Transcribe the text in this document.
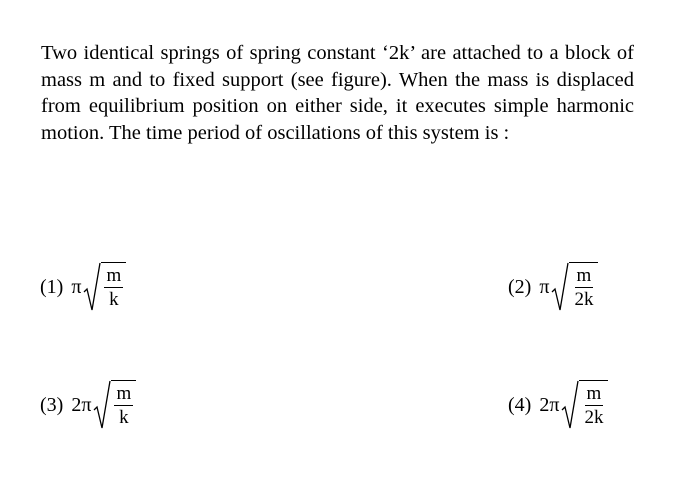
Two identical springs of spring constant ‘2k’ are attached to a block of mass m and to fixed support (see figure). When the mass is displaced from equilibrium position on either side, it executes simple harmonic motion. The time period of oscillations of this system is :

(1) π $\frac{m}{k}$	(2) π $\frac{m}{2k}$
(3) $2\pi \frac{m}{k}$	(4) $2\pi \frac{m}{2k}$
